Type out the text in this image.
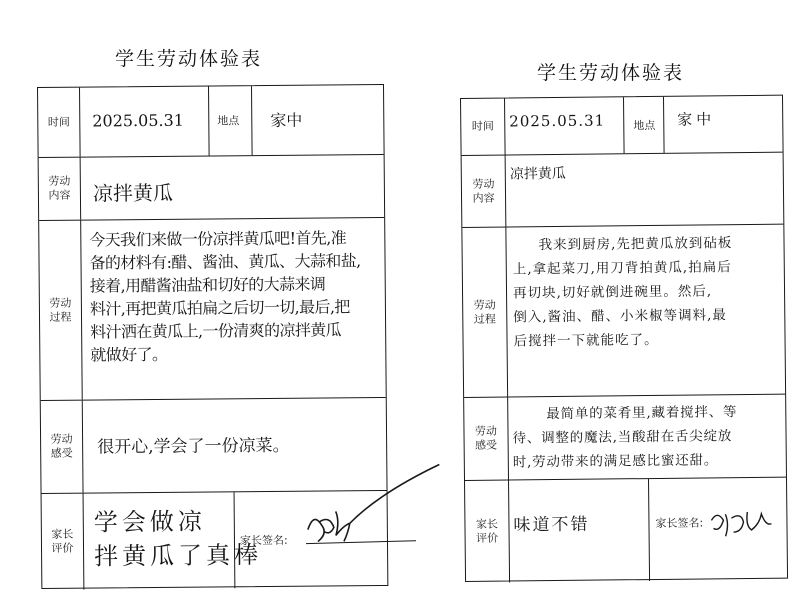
学生劳动体验表
时间 2025.05.31	地点 家中
劳动 内容 凉拌黄瓜
劳动 过程

今天我们来做一份凉拌黄瓜吧!首先,准
备的材料有:醋、酱油、黄瓜、大蒜和盐,
接着,用醋酱油盐和切好的大蒜来调
料汁,再把黄瓜拍扁之后切一切,最后,把
料汁洒在黄瓜上,一份清爽的凉拌黄瓜
就做好了。

劳动 感受 很开心,学会了一份凉菜。

家长 评价

学会做凉
拌黄瓜了真棒

家长签名:
学生劳动体验表
时间 2025.05.31	地点 家中
劳动 内容
凉拌黄瓜
劳动 过程

我来到厨房,先把黄瓜放到砧板
上,拿起菜刀,用刀背拍黄瓜,拍扁后
再切块,切好就倒进碗里。然后,
倒入,酱油、醋、小米椒等调料,最
后搅拌一下就能吃了。

劳动 感受

最简单的菜肴里,藏着搅拌、等
待、调整的魔法,当酸甜在舌尖绽放
时,劳动带来的满足感比蜜还甜。

家长 评价
味道不错	家长签名:
